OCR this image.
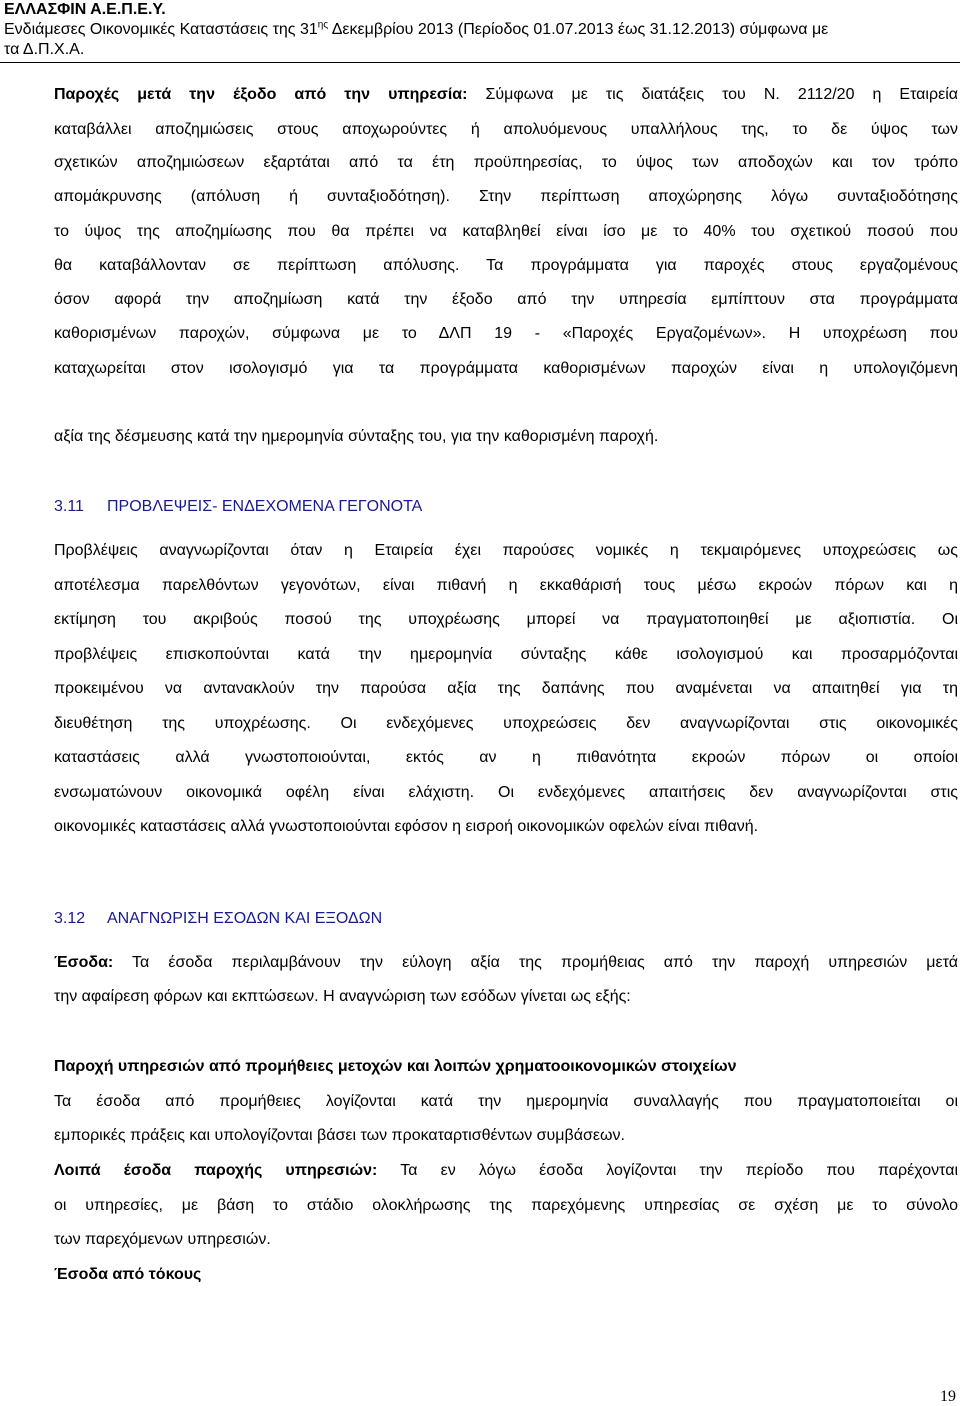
ΕΛΛΑΣΦΙΝ Α.Ε.Π.Ε.Υ.
Ενδιάμεσες Οικονομικές Καταστάσεις της $31^{\eta\varsigma}$ Δεκεμβρίου 2013 (Περίοδος 01.07.2013 έως 31.12.2013) σύμφωνα με
τα Δ.Π.Χ.Α.
Παροχές μετά την έξοδο από την υπηρεσία: Σύμφωνα με τις διατάξεις του Ν. 2112/20 η Εταιρεία
καταβάλλει αποζημιώσεις στους αποχωρούντες ή απολυόμενους υπαλλήλους της, το δε ύψος των
σχετικών αποζημιώσεων εξαρτάται από τα έτη προϋπηρεσίας, το ύψος των αποδοχών και τον τρόπο
απομάκρυνσης (απόλυση ή συνταξιοδότηση). Στην περίπτωση αποχώρησης λόγω συνταξιοδότησης
το ύψος της αποζημίωσης που θα πρέπει να καταβληθεί είναι ίσο με το 40% του σχετικού ποσού που
θα καταβάλλονταν σε περίπτωση απόλυσης. Τα προγράμματα για παροχές στους εργαζομένους
όσον αφορά την αποζημίωση κατά την έξοδο από την υπηρεσία εμπίπτουν στα προγράμματα
καθορισμένων παροχών, σύμφωνα με το ΔΛΠ 19 - «Παροχές Εργαζομένων». Η υποχρέωση που
καταχωρείται στον ισολογισμό για τα προγράμματα καθορισμένων παροχών είναι η υπολογιζόμενη
αξία της δέσμευσης κατά την ημερομηνία σύνταξης του, για την καθορισμένη παροχή.
3.11 ΠΡΟΒΛΕΨΕΙΣ- ΕΝΔΕΧΟΜΕΝΑ ΓΕΓΟΝΟΤΑ
Προβλέψεις αναγνωρίζονται όταν η Εταιρεία έχει παρούσες νομικές η τεκμαιρόμενες υποχρεώσεις ως
αποτέλεσμα παρελθόντων γεγονότων, είναι πιθανή η εκκαθάρισή τους μέσω εκροών πόρων και η
εκτίμηση του ακριβούς ποσού της υποχρέωσης μπορεί να πραγματοποιηθεί με αξιοπιστία. Οι
προβλέψεις επισκοπούνται κατά την ημερομηνία σύνταξης κάθε ισολογισμού και προσαρμόζονται
προκειμένου να αντανακλούν την παρούσα αξία της δαπάνης που αναμένεται να απαιτηθεί για τη
διευθέτηση της υποχρέωσης. Οι ενδεχόμενες υποχρεώσεις δεν αναγνωρίζονται στις οικονομικές
καταστάσεις αλλά γνωστοποιούνται, εκτός αν η πιθανότητα εκροών πόρων οι οποίοι
ενσωματώνουν οικονομικά οφέλη είναι ελάχιστη. Οι ενδεχόμενες απαιτήσεις δεν αναγνωρίζονται στις
οικονομικές καταστάσεις αλλά γνωστοποιούνται εφόσον η εισροή οικονομικών οφελών είναι πιθανή.
3.12 ΑΝΑΓΝΩΡΙΣΗ ΕΣΟΔΩΝ ΚΑΙ ΕΞΟΔΩΝ
Έσοδα: Τα έσοδα περιλαμβάνουν την εύλογη αξία της προμήθειας από την παροχή υπηρεσιών μετά
την αφαίρεση φόρων και εκπτώσεων. Η αναγνώριση των εσόδων γίνεται ως εξής:
Παροχή υπηρεσιών από προμήθειες μετοχών και λοιπών χρηματοοικονομικών στοιχείων
Τα έσοδα από προμήθειες λογίζονται κατά την ημερομηνία συναλλαγής που πραγματοποιείται οι
εμπορικές πράξεις και υπολογίζονται βάσει των προκαταρτισθέντων συμβάσεων.
Λοιπά έσοδα παροχής υπηρεσιών: Τα εν λόγω έσοδα λογίζονται την περίοδο που παρέχονται
οι υπηρεσίες, με βάση το στάδιο ολοκλήρωσης της παρεχόμενης υπηρεσίας σε σχέση με το σύνολο
των παρεχόμενων υπηρεσιών.
Έσοδα από τόκους
19
